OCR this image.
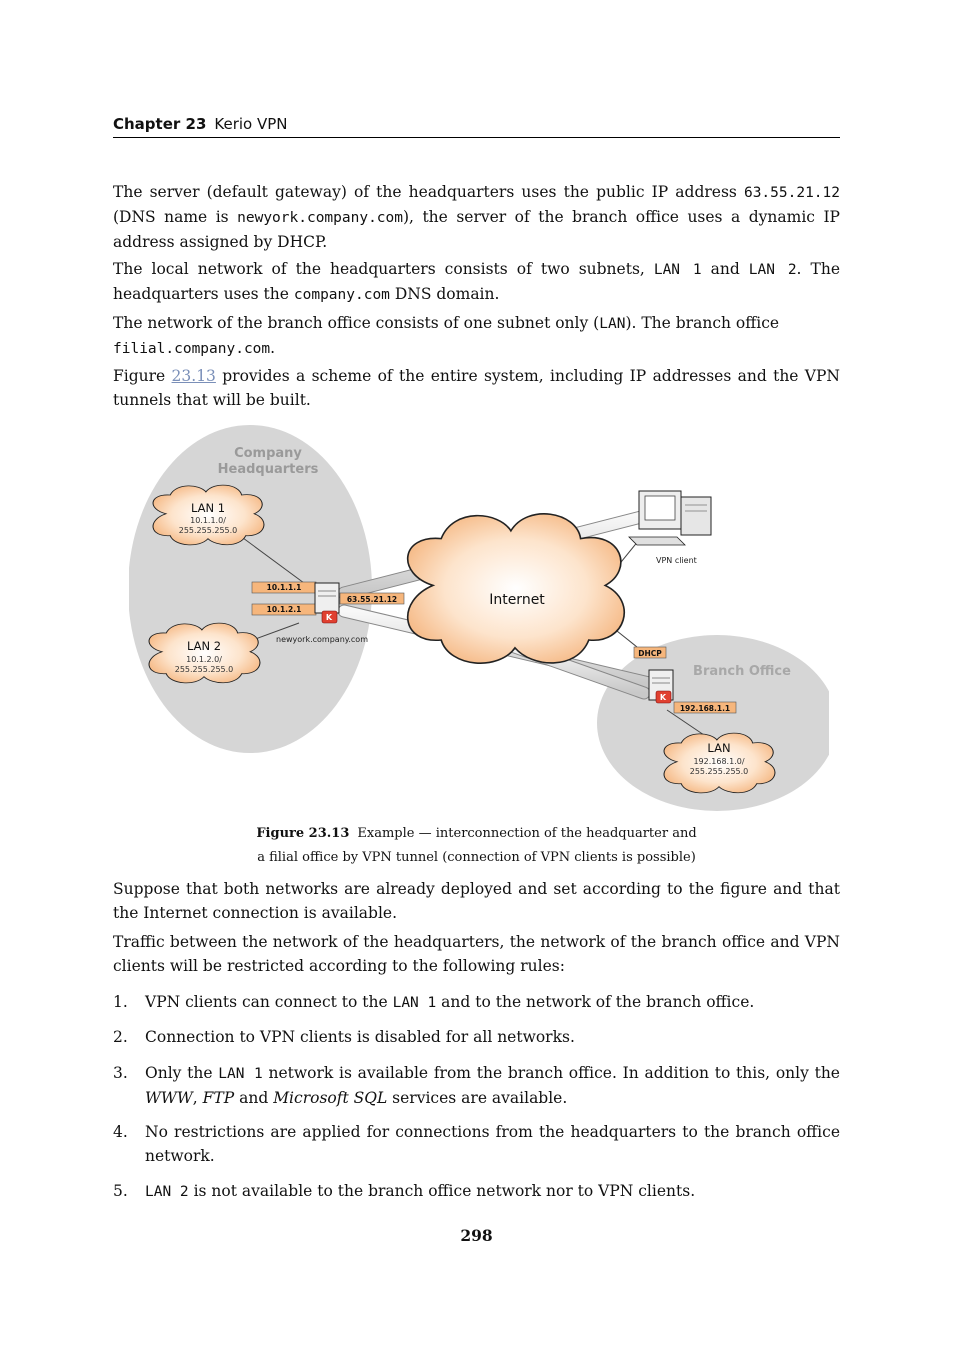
Chapter 23 Kerio VPN
The server (default gateway) of the headquarters uses the public IP address 63.55.21.12 (DNS name is newyork.company.com), the server of the branch office uses a dynamic IP address assigned by DHCP.
The local network of the headquarters consists of two subnets, LAN 1 and LAN 2. The headquarters uses the company.com DNS domain.
The network of the branch office consists of one subnet only (LAN). The branch office
filial.company.com.
Figure 23.13 provides a scheme of the entire system, including IP addresses and the VPN tunnels that will be built.
Company
Headquarters
Branch Office
Internet
LAN 1
10.1.1.0/
255.255.255.0
LAN 2
10.1.2.0/
255.255.255.0
LAN
192.168.1.0/
255.255.255.0
10.1.1.1
10.1.2.1
63.55.21.12
K
newyork.company.com
VPN client
DHCP
K
192.168.1.1
Figure 23.13 Example — interconnection of the headquarter and
a filial office by VPN tunnel (connection of VPN clients is possible)
Suppose that both networks are already deployed and set according to the figure and that the Internet connection is available.
Traffic between the network of the headquarters, the network of the branch office and VPN clients will be restricted according to the following rules:
1. VPN clients can connect to the LAN 1 and to the network of the branch office.
2. Connection to VPN clients is disabled for all networks.
3. Only the LAN 1 network is available from the branch office. In addition to this, only the WWW, FTP and Microsoft SQL services are available.
4. No restrictions are applied for connections from the headquarters to the branch office network.
5. LAN 2 is not available to the branch office network nor to VPN clients.
298
